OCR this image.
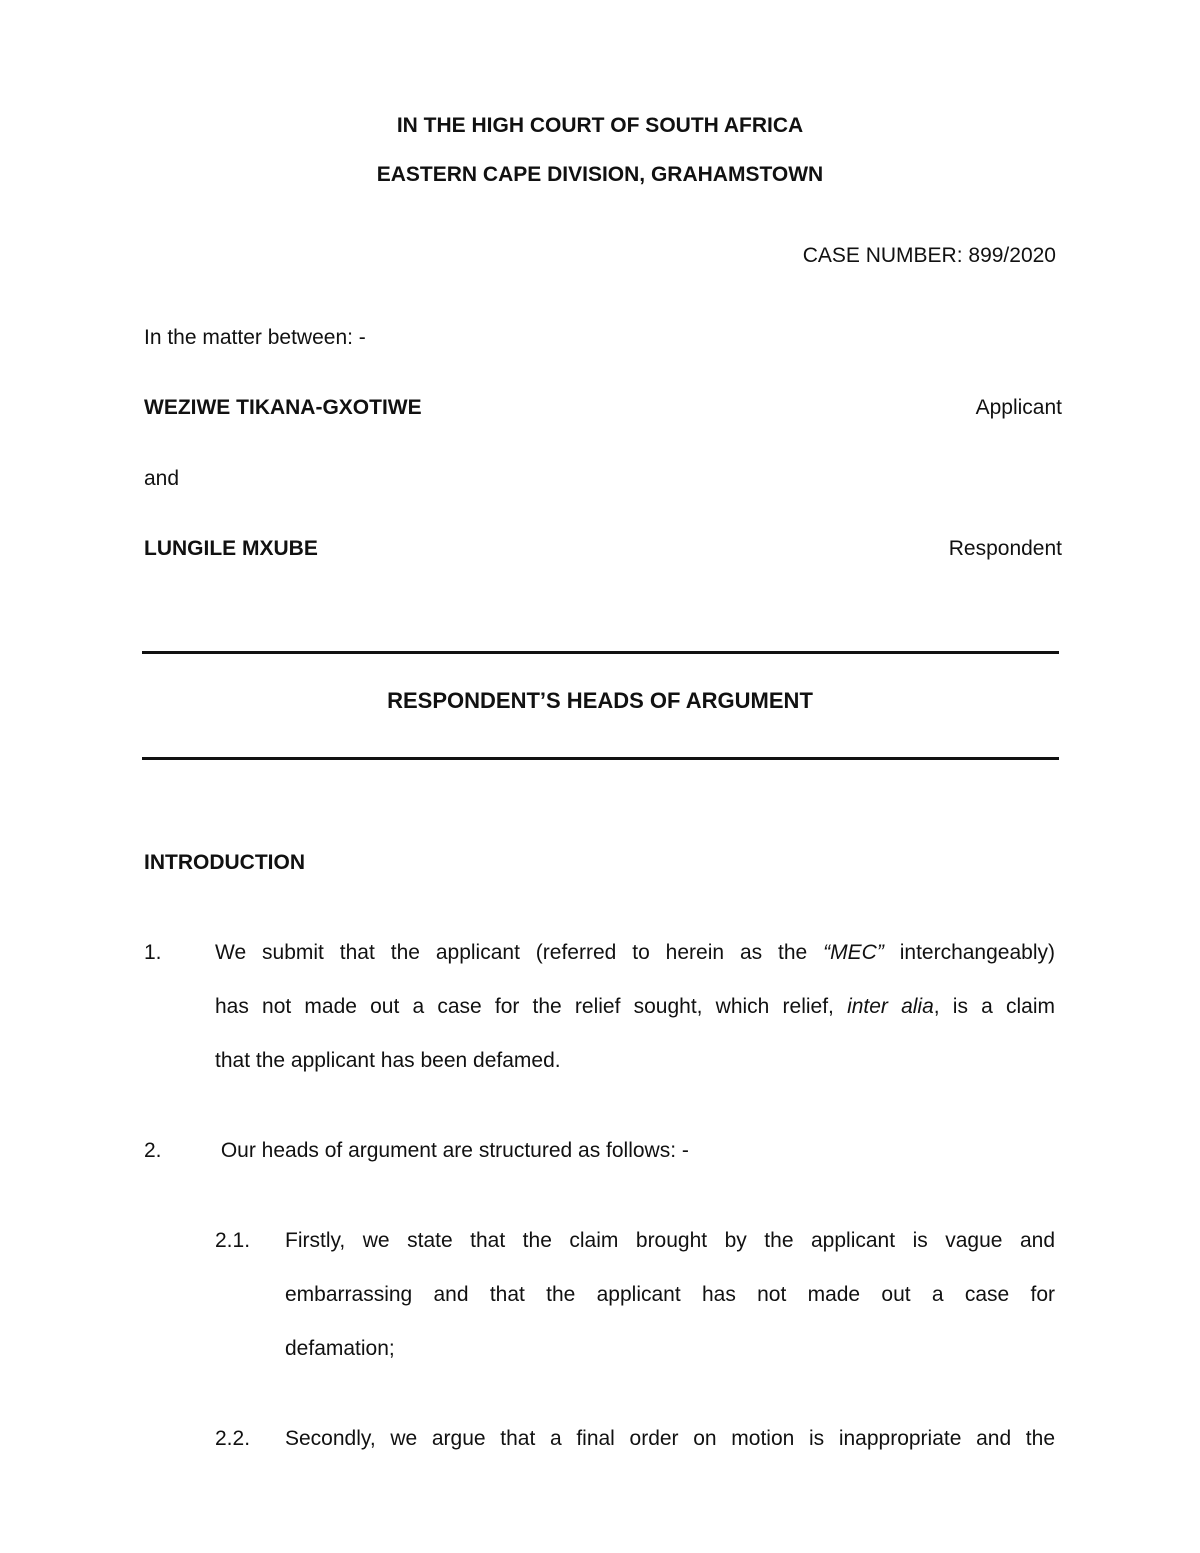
IN THE HIGH COURT OF SOUTH AFRICA
EASTERN CAPE DIVISION, GRAHAMSTOWN
CASE NUMBER: 899/2020
In the matter between: -
WEZIWE TIKANA-GXOTIWE	Applicant
and
LUNGILE MXUBE	Respondent
RESPONDENT’S HEADS OF ARGUMENT
INTRODUCTION
1.	We submit that the applicant (referred to herein as the “MEC” interchangeably)
has not made out a case for the relief sought, which relief, inter alia, is a claim
that the applicant has been defamed.
2.	Our heads of argument are structured as follows: -
2.1. Firstly, we state that the claim brought by the applicant is vague and
embarrassing and that the applicant has not made out a case for
defamation;
2.2. Secondly, we argue that a final order on motion is inappropriate and the
